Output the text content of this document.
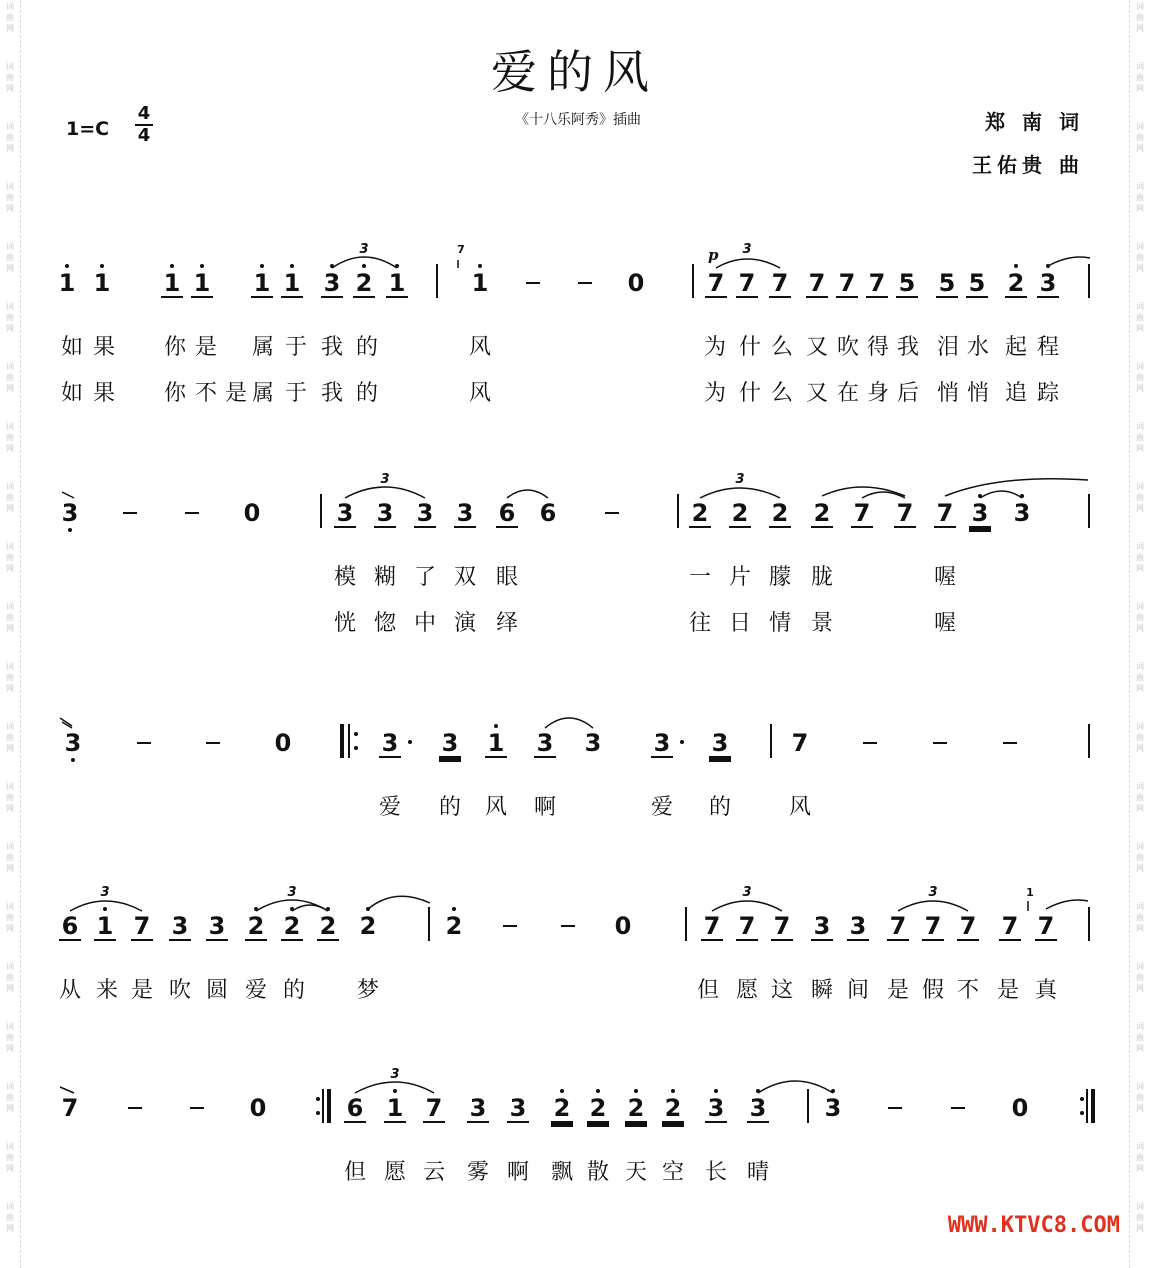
词
曲
网
词
曲
网
词
曲
网
词
曲
网
词
曲
网
词
曲
网
词
曲
网
词
曲
网
词
曲
网
词
曲
网
词
曲
网
词
曲
网
词
曲
网
词
曲
网
词
曲
网
词
曲
网
词
曲
网
词
曲
网
词
曲
网
词
曲
网
词
曲
网
词
曲
网
词
曲
网
词
曲
网
词
曲
网
词
曲
网
词
曲
网
词
曲
网
词
曲
网
词
曲
网
词
曲
网
词
曲
网
词
曲
网
词
曲
网
词
曲
网
词
曲
网
词
曲
网
词
曲
网
词
曲
网
词
曲
网
词
曲
网
词
曲
网
爱的风
1=C
4
4
《十八乐阿秀》插曲	郑 南 词
王佑贵 曲
1 1 1 1 1 1 3 2 1
7
1	0
p
7 7 7 7 7 7 5 5 5 2 3
3	3
如 果 你 是 属 于 我 的	风	为 什 么 又 吹 得 我 泪 水 起 程
如 果 你 不 是 属 于 我 的	风	为 什 么 又 在 身 后 悄 悄 追 踪
3	0	3 3 3 3 6 6	2 2 2 2 7 7 7 3 3
3	3
模 糊 了 双 眼	一 片 朦 胧	喔
恍 惚 中 演 绎	往 日 情 景	喔
3	0	3 3 1 3 3 3 3	7
爱 的 风 啊	爱 的	风
6 1 7 3 3 2 2 2 2	2	0	7 7 7 3 3 7 7 7 7
1
7
3	3	3	3
从 来 是 吹 圆 爱 的 梦	但 愿 这 瞬 间 是 假 不 是 真
7	0	6 1 7 3 3 2 2 2 2 3 3 3	0
3
但 愿 云 雾 啊 飘 散 天 空 长 晴
WWW.KTVC8.COM
